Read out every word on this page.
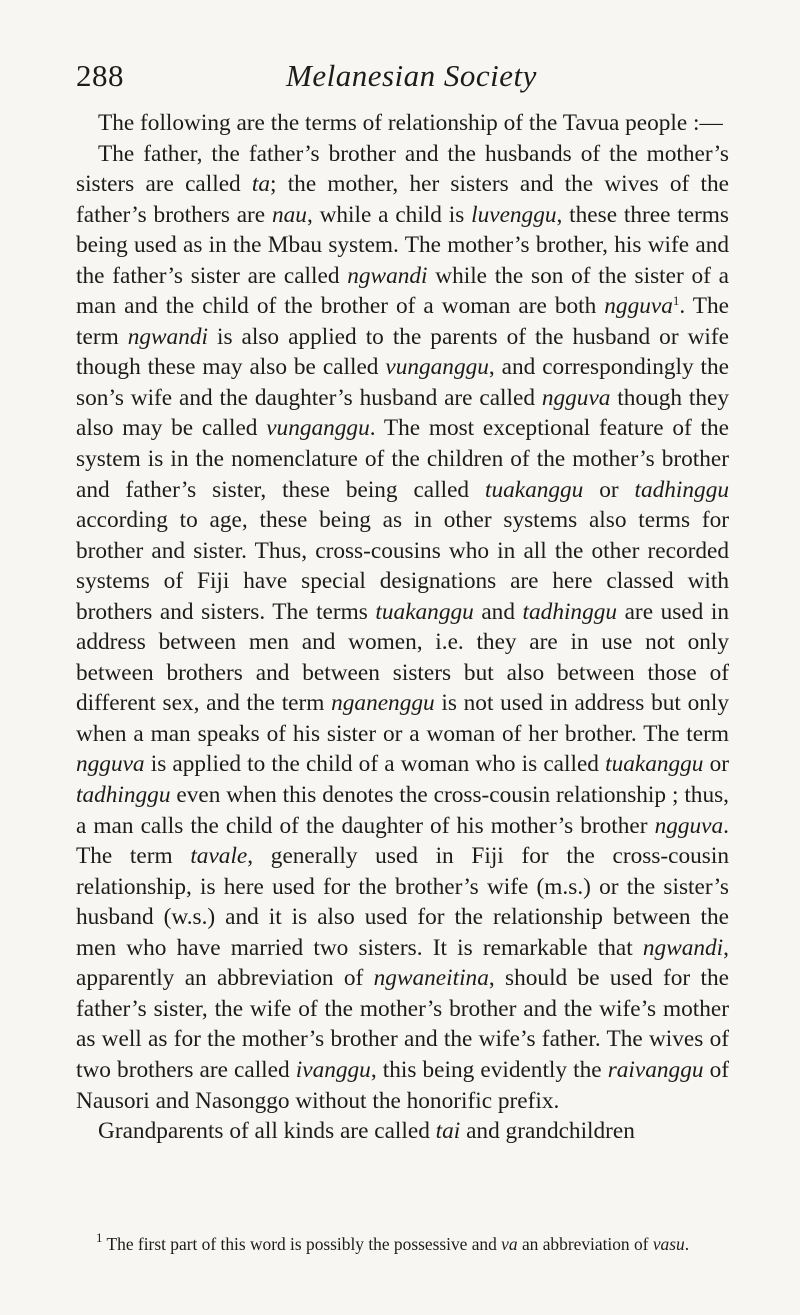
288	Melanesian Society

The following are the terms of relationship of the Tavua people :—

The father, the father’s brother and the husbands of the mother’s sisters are called ta; the mother, her sisters and the wives of the father’s brothers are nau, while a child is luvenggu, these three terms being used as in the Mbau system. The mother’s brother, his wife and the father’s sister are called ngwandi while the son of the sister of a man and the child of the brother of a woman are both ngguva$^1$. The term ngwandi is also applied to the parents of the husband or wife though these may also be called vunganggu, and correspondingly the son’s wife and the daughter’s husband are called ngguva though they also may be called vunganggu. The most exceptional feature of the system is in the nomenclature of the children of the mother’s brother and father’s sister, these being called tuakanggu or tadhinggu according to age, these being as in other systems also terms for brother and sister. Thus, cross-cousins who in all the other recorded systems of Fiji have special designations are here classed with brothers and sisters. The terms tuakanggu and tadhinggu are used in address between men and women, i.e. they are in use not only between brothers and between sisters but also between those of different sex, and the term nganenggu is not used in address but only when a man speaks of his sister or a woman of her brother. The term ngguva is applied to the child of a woman who is called tuakanggu or tadhinggu even when this denotes the cross-cousin relationship ; thus, a man calls the child of the daughter of his mother’s brother ngguva. The term tavale, generally used in Fiji for the cross-cousin relationship, is here used for the brother’s wife (m.s.) or the sister’s husband (w.s.) and it is also used for the relationship between the men who have married two sisters. It is remarkable that ngwandi, apparently an abbreviation of ngwaneitina, should be used for the father’s sister, the wife of the mother’s brother and the wife’s mother as well as for the mother’s brother and the wife’s father. The wives of two brothers are called ivanggu, this being evidently the raivanggu of Nausori and Nasonggo without the honorific prefix.

Grandparents of all kinds are called tai and grandchildren

$^1$ The first part of this word is possibly the possessive and va an abbreviation of vasu.
